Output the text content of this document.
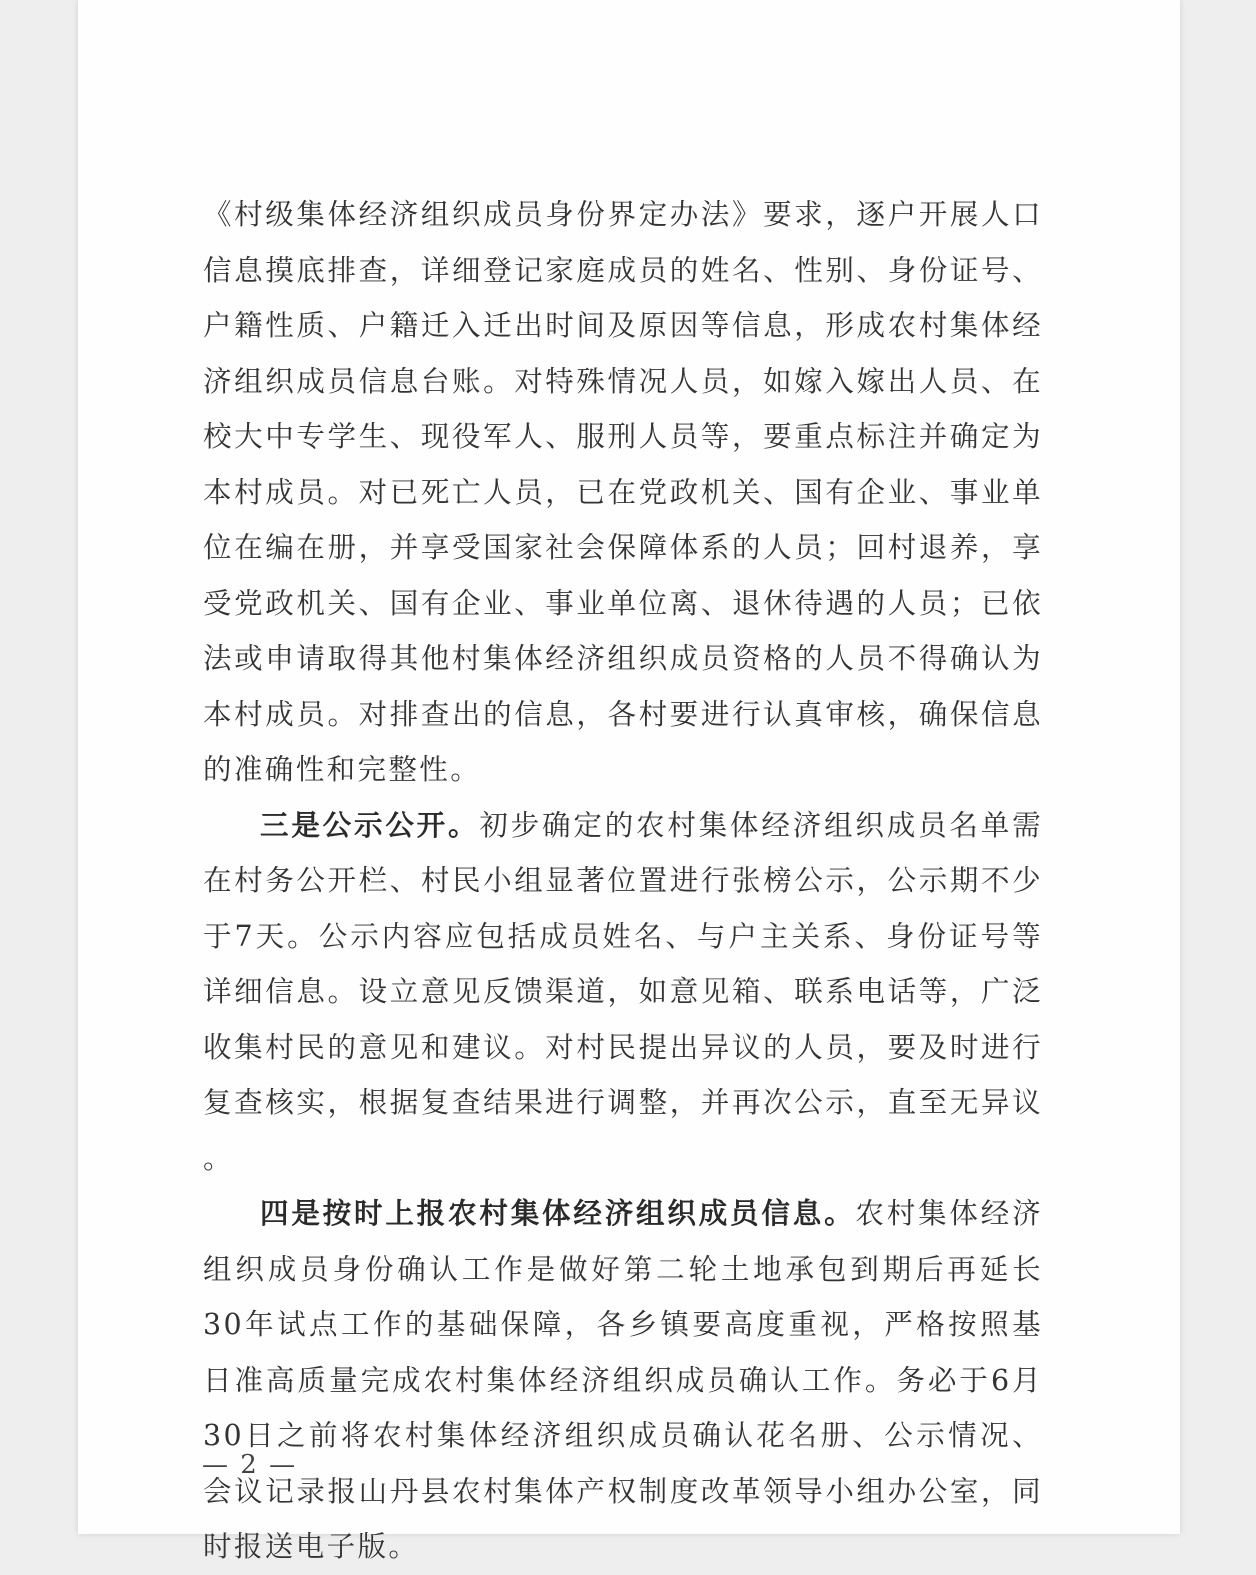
《村级集体经济组织成员身份界定办法》要求，逐户开展人口信息摸底排查，详细登记家庭成员的姓名、性别、身份证号、户籍性质、户籍迁入迁出时间及原因等信息，形成农村集体经济组织成员信息台账。对特殊情况人员，如嫁入嫁出人员、在校大中专学生、现役军人、服刑人员等，要重点标注并确定为本村成员。对已死亡人员，已在党政机关、国有企业、事业单位在编在册，并享受国家社会保障体系的人员；回村退养，享受党政机关、国有企业、事业单位离、退休待遇的人员；已依法或申请取得其他村集体经济组织成员资格的人员不得确认为本村成员。对排查出的信息，各村要进行认真审核，确保信息的准确性和完整性。

三是公示公开。初步确定的农村集体经济组织成员名单需在村务公开栏、村民小组显著位置进行张榜公示，公示期不少于7天。公示内容应包括成员姓名、与户主关系、身份证号等详细信息。设立意见反馈渠道，如意见箱、联系电话等，广泛收集村民的意见和建议。对村民提出异议的人员，要及时进行复查核实，根据复查结果进行调整，并再次公示，直至无异议 。

四是按时上报农村集体经济组织成员信息。农村集体经济组织成员身份确认工作是做好第二轮土地承包到期后再延长30年试点工作的基础保障，各乡镇要高度重视，严格按照基日准高质量完成农村集体经济组织成员确认工作。务必于6月30日之前将农村集体经济组织成员确认花名册、公示情况、会议记录报山丹县农村集体产权制度改革领导小组办公室，同时报送电子版。

— 2 —
